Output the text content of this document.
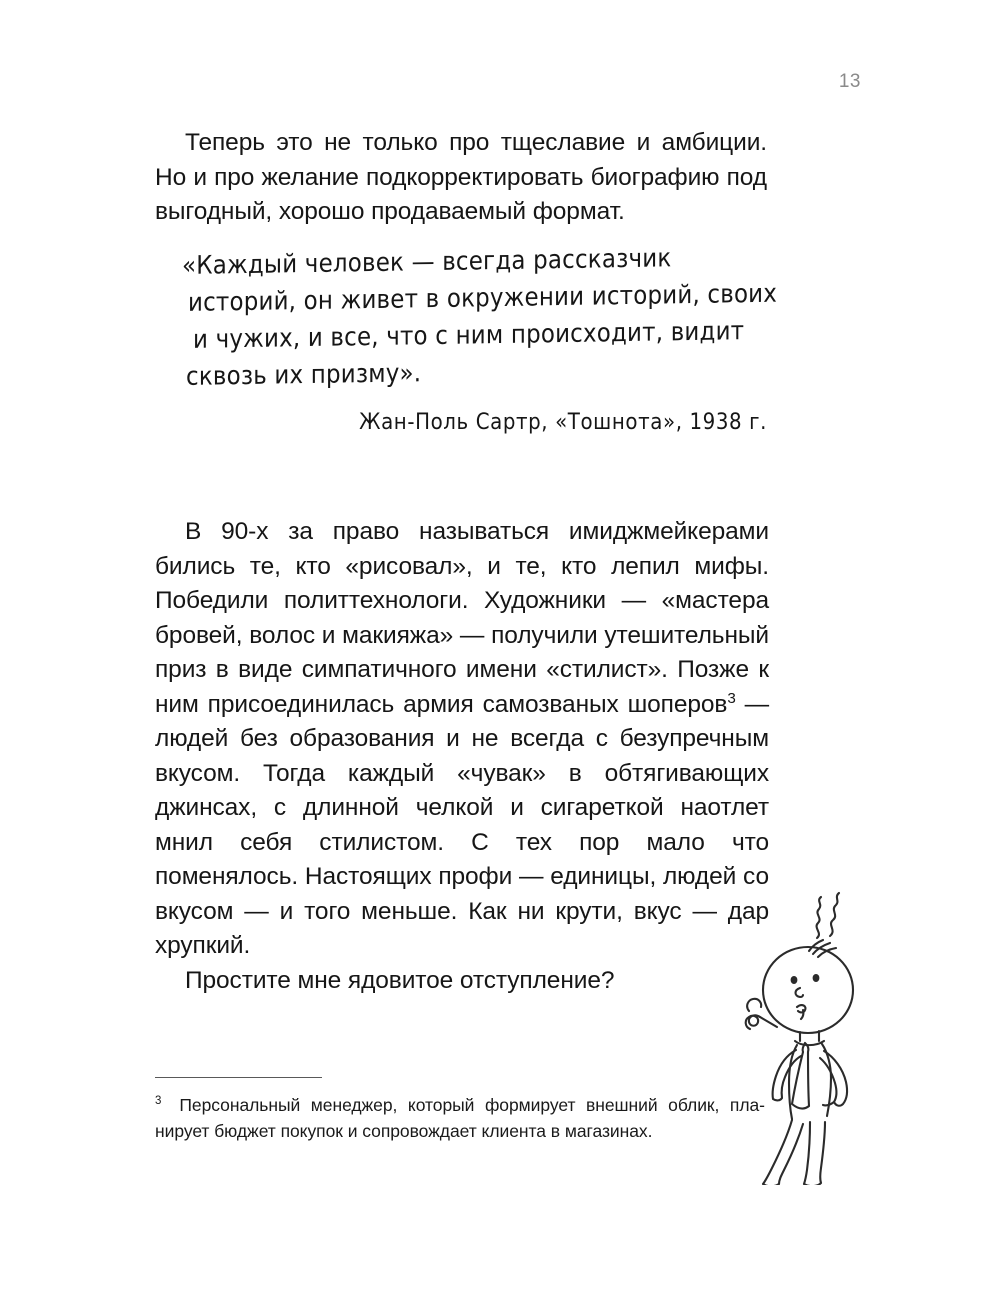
13

Теперь это не только про тщеславие и амбиции. Но и про желание подкорректировать биографию под выгодный, хорошо продаваемый формат.

«Каждый человек — всегда рассказчик
историй, он живет в окружении историй, своих
и чужих, и все, что с ним происходит, видит
сквозь их призму».
Жан-Поль Сартр, «Тошнота», 1938 г.

В 90-х за право называться имиджмейкерами бились те, кто «рисовал», и те, кто лепил мифы. Победили политтехнологи. Художники — «мастера бровей, волос и макияжа» — получили утешительный приз в виде симпатичного имени «стилист». Позже к ним присоединилась армия самозваных шоперов$^3$ — людей без образования и не всегда с безупречным вкусом. Тогда каждый «чувак» в обтягивающих джинсах, с длинной челкой и сигареткой наотлет мнил себя стилистом. С тех пор мало что поменялось. Настоящих профи — единицы, людей со вкусом — и того меньше. Как ни крути, вкус — дар хрупкий.
Простите мне ядовитое отступление?

$^3$ Персональный менеджер, который формирует внешний облик, планирует бюджет покупок и сопровождает клиента в магазинах.
